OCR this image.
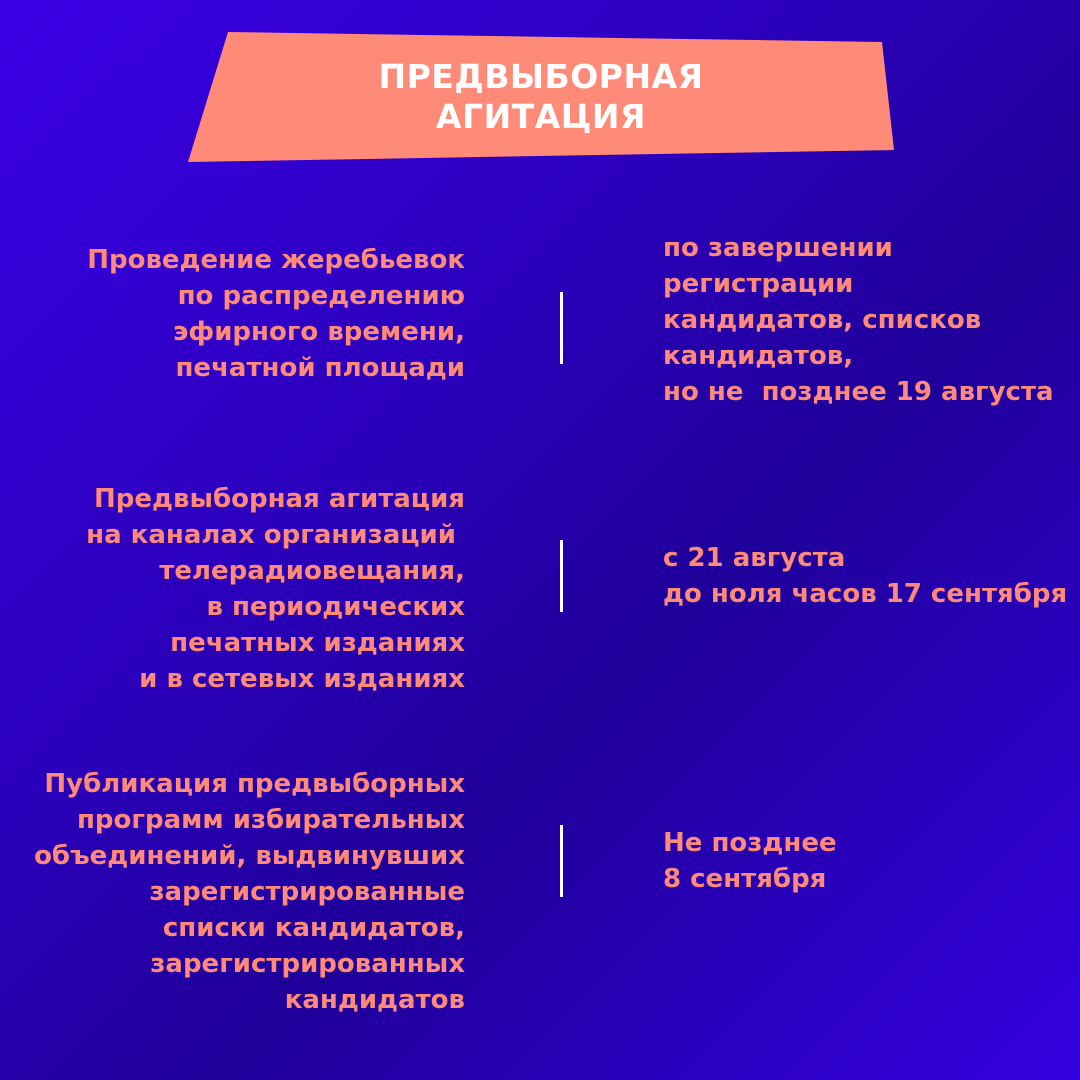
ПРЕДВЫБОРНАЯ
АГИТАЦИЯ
Проведение жеребьевок
по распределению
эфирного времени,
печатной площади
по завершении
регистрации
кандидатов, списков
кандидатов,
но не  позднее 19 августа
Предвыборная агитация
на каналах организаций
телерадиовещания,
в периодических
печатных изданиях
и в сетевых изданиях
с 21 августа
до ноля часов 17 сентября
Публикация предвыборных
программ избирательных
объединений, выдвинувших
зарегистрированные
списки кандидатов,
зарегистрированных
кандидатов
Не позднее
8 сентября
